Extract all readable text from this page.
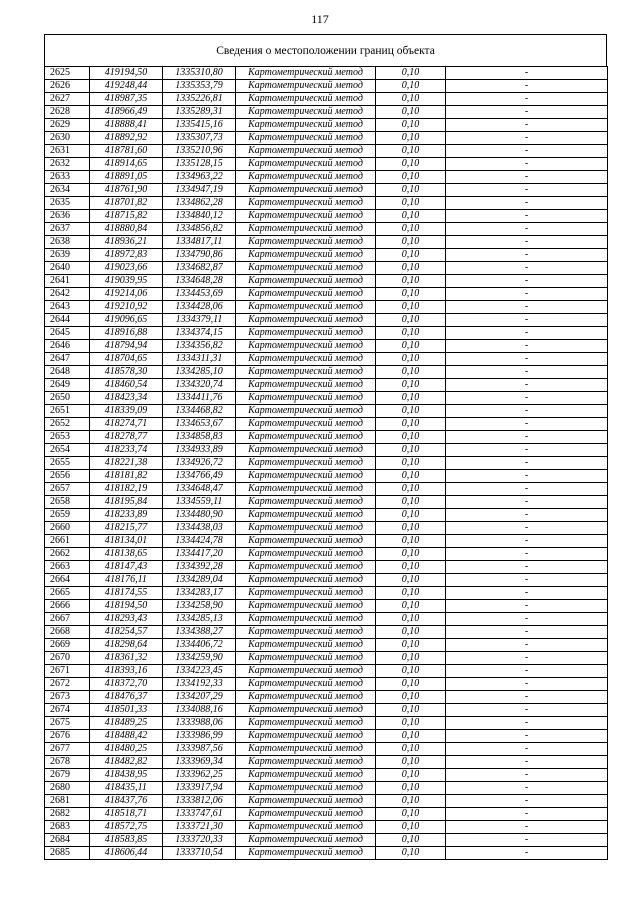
117
Сведения о местоположении границ объекта
2625	419194,50	1335310,80	Картометрический метод	0,10	-
2626	419248,44	1335353,79	Картометрический метод	0,10	-
2627	418987,35	1335226,81	Картометрический метод	0,10	-
2628	418966,49	1335289,31	Картометрический метод	0,10	-
2629	418888,41	1335415,16	Картометрический метод	0,10	-
2630	418892,92	1335307,73	Картометрический метод	0,10	-
2631	418781,60	1335210,96	Картометрический метод	0,10	-
2632	418914,65	1335128,15	Картометрический метод	0,10	-
2633	418891,05	1334963,22	Картометрический метод	0,10	-
2634	418761,90	1334947,19	Картометрический метод	0,10	-
2635	418701,82	1334862,28	Картометрический метод	0,10	-
2636	418715,82	1334840,12	Картометрический метод	0,10	-
2637	418880,84	1334856,82	Картометрический метод	0,10	-
2638	418936,21	1334817,11	Картометрический метод	0,10	-
2639	418972,83	1334790,86	Картометрический метод	0,10	-
2640	419023,66	1334682,87	Картометрический метод	0,10	-
2641	419039,95	1334648,28	Картометрический метод	0,10	-
2642	419214,06	1334453,69	Картометрический метод	0,10	-
2643	419210,92	1334428,06	Картометрический метод	0,10	-
2644	419096,65	1334379,11	Картометрический метод	0,10	-
2645	418916,88	1334374,15	Картометрический метод	0,10	-
2646	418794,94	1334356,82	Картометрический метод	0,10	-
2647	418704,65	1334311,31	Картометрический метод	0,10	-
2648	418578,30	1334285,10	Картометрический метод	0,10	-
2649	418460,54	1334320,74	Картометрический метод	0,10	-
2650	418423,34	1334411,76	Картометрический метод	0,10	-
2651	418339,09	1334468,82	Картометрический метод	0,10	-
2652	418274,71	1334653,67	Картометрический метод	0,10	-
2653	418278,77	1334858,83	Картометрический метод	0,10	-
2654	418233,74	1334933,89	Картометрический метод	0,10	-
2655	418221,38	1334926,72	Картометрический метод	0,10	-
2656	418181,82	1334766,49	Картометрический метод	0,10	-
2657	418182,19	1334648,47	Картометрический метод	0,10	-
2658	418195,84	1334559,11	Картометрический метод	0,10	-
2659	418233,89	1334480,90	Картометрический метод	0,10	-
2660	418215,77	1334438,03	Картометрический метод	0,10	-
2661	418134,01	1334424,78	Картометрический метод	0,10	-
2662	418138,65	1334417,20	Картометрический метод	0,10	-
2663	418147,43	1334392,28	Картометрический метод	0,10	-
2664	418176,11	1334289,04	Картометрический метод	0,10	-
2665	418174,55	1334283,17	Картометрический метод	0,10	-
2666	418194,50	1334258,90	Картометрический метод	0,10	-
2667	418293,43	1334285,13	Картометрический метод	0,10	-
2668	418254,57	1334388,27	Картометрический метод	0,10	-
2669	418298,64	1334406,72	Картометрический метод	0,10	-
2670	418361,32	1334259,90	Картометрический метод	0,10	-
2671	418393,16	1334223,45	Картометрический метод	0,10	-
2672	418372,70	1334192,33	Картометрический метод	0,10	-
2673	418476,37	1334207,29	Картометрический метод	0,10	-
2674	418501,33	1334088,16	Картометрический метод	0,10	-
2675	418489,25	1333988,06	Картометрический метод	0,10	-
2676	418488,42	1333986,99	Картометрический метод	0,10	-
2677	418480,25	1333987,56	Картометрический метод	0,10	-
2678	418482,82	1333969,34	Картометрический метод	0,10	-
2679	418438,95	1333962,25	Картометрический метод	0,10	-
2680	418435,11	1333917,94	Картометрический метод	0,10	-
2681	418437,76	1333812,06	Картометрический метод	0,10	-
2682	418518,71	1333747,61	Картометрический метод	0,10	-
2683	418572,75	1333721,30	Картометрический метод	0,10	-
2684	418583,85	1333720,33	Картометрический метод	0,10	-
2685	418606,44	1333710,54	Картометрический метод	0,10	-
